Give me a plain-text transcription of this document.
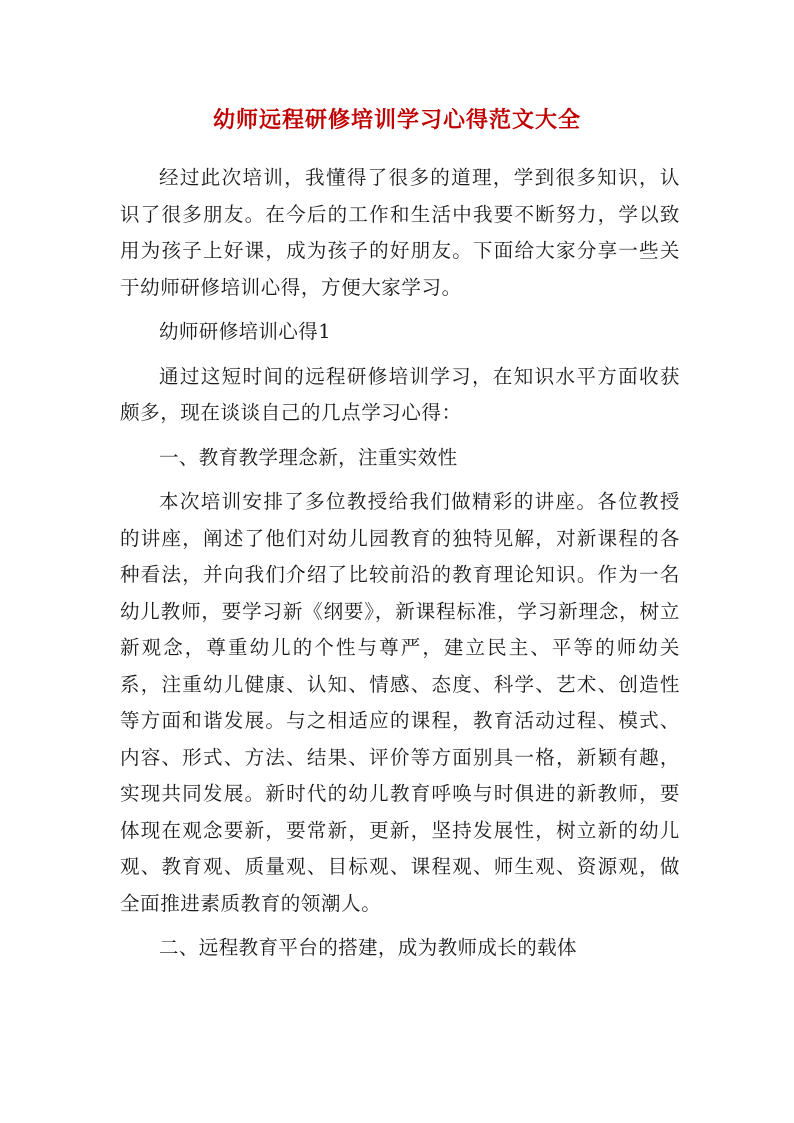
幼师远程研修培训学习心得范文大全

经过此次培训，我懂得了很多的道理，学到很多知识，认识了很多朋友。在今后的工作和生活中我要不断努力，学以致用为孩子上好课，成为孩子的好朋友。下面给大家分享一些关于幼师研修培训心得，方便大家学习。

幼师研修培训心得1

通过这短时间的远程研修培训学习，在知识水平方面收获颇多，现在谈谈自己的几点学习心得：

一、教育教学理念新，注重实效性

本次培训安排了多位教授给我们做精彩的讲座。各位教授的讲座，阐述了他们对幼儿园教育的独特见解，对新课程的各种看法，并向我们介绍了比较前沿的教育理论知识。作为一名幼儿教师，要学习新《纲要》，新课程标准，学习新理念，树立新观念，尊重幼儿的个性与尊严，建立民主、平等的师幼关系，注重幼儿健康、认知、情感、态度、科学、艺术、创造性等方面和谐发展。与之相适应的课程，教育活动过程、模式、内容、形式、方法、结果、评价等方面别具一格，新颖有趣，实现共同发展。新时代的幼儿教育呼唤与时俱进的新教师，要体现在观念要新，要常新，更新，坚持发展性，树立新的幼儿观、教育观、质量观、目标观、课程观、师生观、资源观，做全面推进素质教育的领潮人。

二、远程教育平台的搭建，成为教师成长的载体
